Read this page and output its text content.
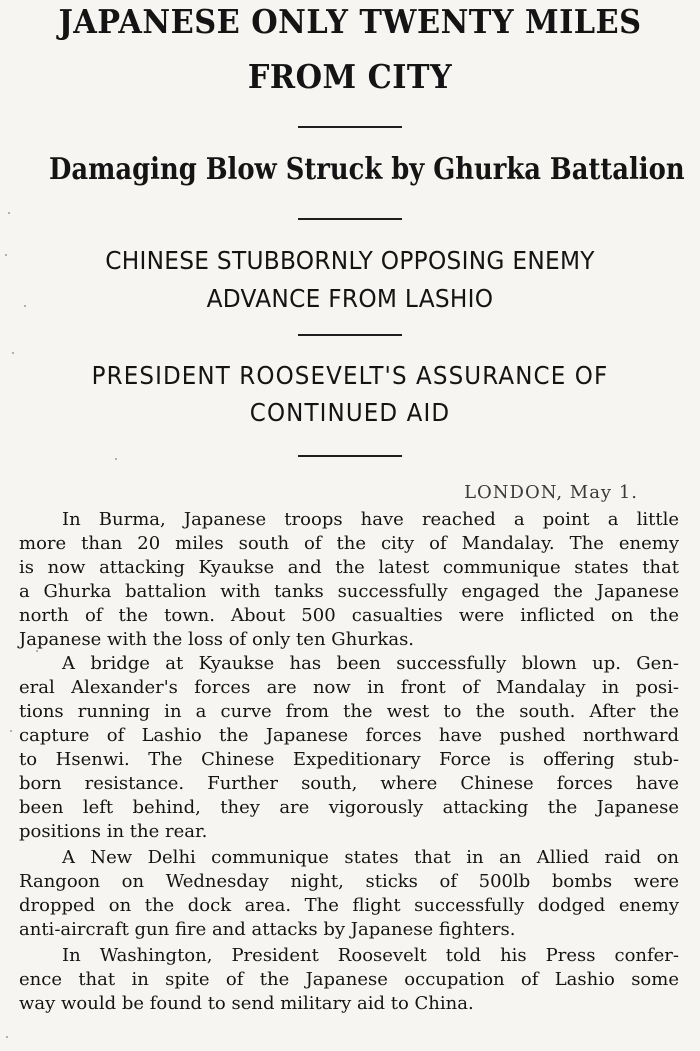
JAPANESE ONLY TWENTY MILES
FROM CITY
Damaging Blow Struck by Ghurka Battalion
CHINESE STUBBORNLY OPPOSING ENEMY
ADVANCE FROM LASHIO
PRESIDENT ROOSEVELT'S ASSURANCE OF
CONTINUED AID
LONDON, May 1.
In Burma, Japanese troops have reached a point a little
more than 20 miles south of the city of Mandalay. The enemy
is now attacking Kyaukse and the latest communique states that
a Ghurka battalion with tanks successfully engaged the Japanese
north of the town. About 500 casualties were inflicted on the
Japanese with the loss of only ten Ghurkas.
A bridge at Kyaukse has been successfully blown up. Gen-
eral Alexander's forces are now in front of Mandalay in posi-
tions running in a curve from the west to the south. After the
capture of Lashio the Japanese forces have pushed northward
to Hsenwi. The Chinese Expeditionary Force is offering stub-
born resistance. Further south, where Chinese forces have
been left behind, they are vigorously attacking the Japanese
positions in the rear.
A New Delhi communique states that in an Allied raid on
Rangoon on Wednesday night, sticks of 500lb bombs were
dropped on the dock area. The flight successfully dodged enemy
anti-aircraft gun fire and attacks by Japanese fighters.
In Washington, President Roosevelt told his Press confer-
ence that in spite of the Japanese occupation of Lashio some
way would be found to send military aid to China.
